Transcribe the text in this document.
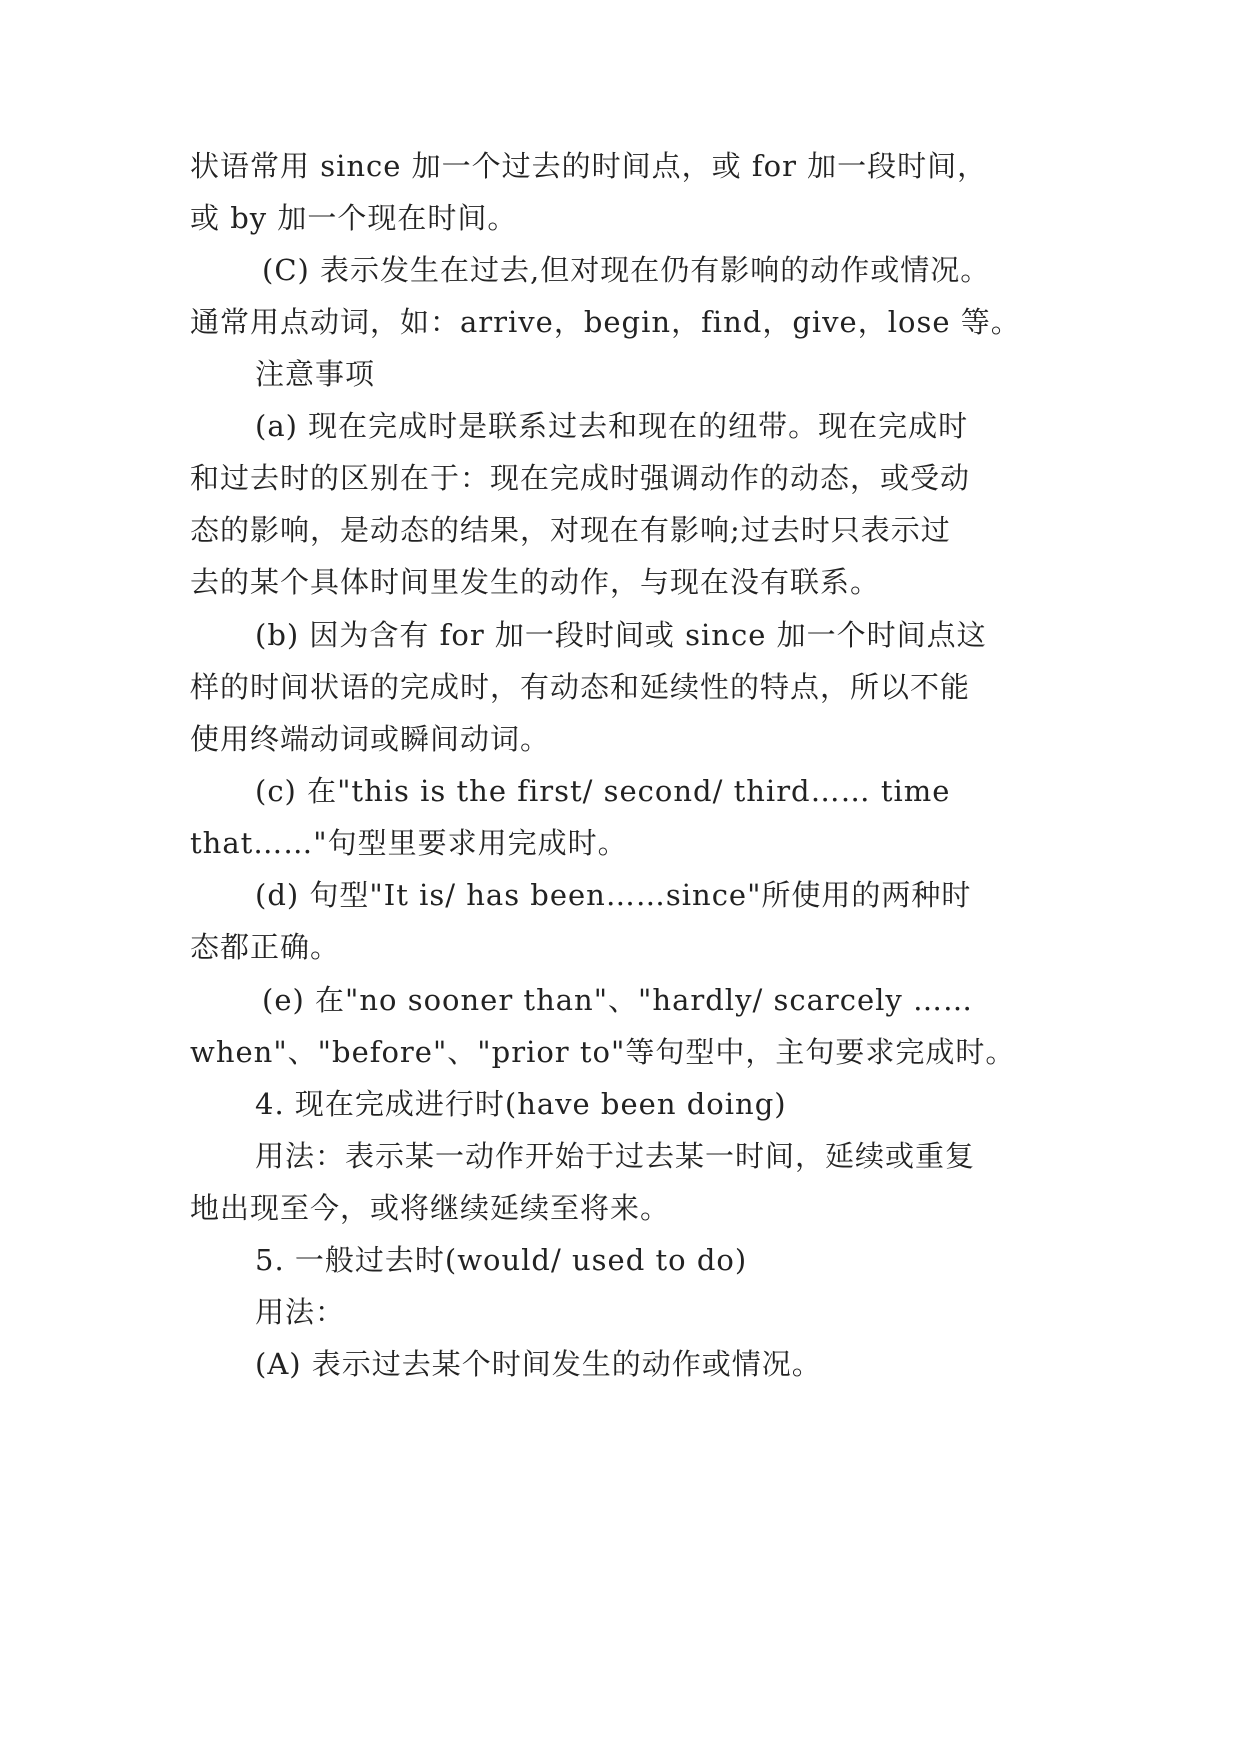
状语常用 since 加一个过去的时间点，或 for 加一段时间，
或 by 加一个现在时间。
(C) 表示发生在过去,但对现在仍有影响的动作或情况。
通常用点动词，如：arrive，begin，find，give，lose 等。
注意事项
(a) 现在完成时是联系过去和现在的纽带。现在完成时
和过去时的区别在于：现在完成时强调动作的动态，或受动
态的影响，是动态的结果，对现在有影响;过去时只表示过
去的某个具体时间里发生的动作，与现在没有联系。
(b) 因为含有 for 加一段时间或 since 加一个时间点这
样的时间状语的完成时，有动态和延续性的特点，所以不能
使用终端动词或瞬间动词。
(c) 在"this is the first/ second/ third…… time
that……"句型里要求用完成时。
(d) 句型"It is/ has been……since"所使用的两种时
态都正确。
(e) 在"no sooner than"、"hardly/ scarcely ……
when"、"before"、"prior to"等句型中，主句要求完成时。
4. 现在完成进行时(have been doing)
用法：表示某一动作开始于过去某一时间，延续或重复
地出现至今，或将继续延续至将来。
5. 一般过去时(would/ used to do)
用法：
(A) 表示过去某个时间发生的动作或情况。
